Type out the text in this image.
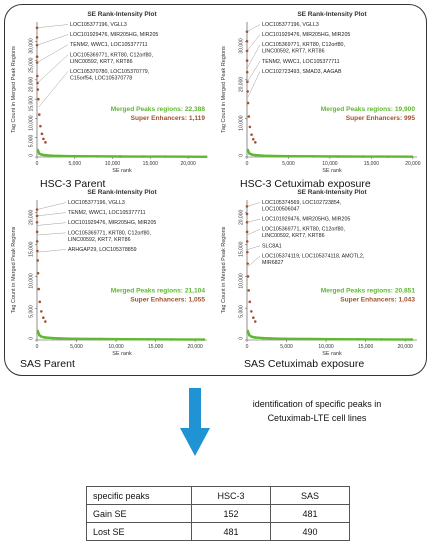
SE Rank-Intensity Plot
0	5,000	10,000	15,000	20,000
0
5,000
10,000
15,000
20,000
25,000
30,000
SE rank
Tag Count in Merged Peak Regions
LOC105377196, VGLL3
LOC101929476, MIR205HG, MIR205
TENM2, WWC1, LOC105377711
LOC105369771, KRT80, C12orf80,
LINC00592, KRT7, KRT86
LOC105370780, LOC105370779,
C15orf54, LOC105370778
Merged Peaks regions: 22,388
Super Enhancers: 1,119
SE Rank-Intensity Plot
0	5,000	10,000	15,000	20,000
0
10,000
20,000
30,000
SE rank
Tag Count in Merged Peak Regions
LOC105377196, VGLL3
LOC101929476, MIR205HG, MIR205
LOC105369771, KRT80, C12orf80,
LINC00592, KRT7, KRT86
TENM2, WWC1, LOC105377711
LOC102723493, SMAD3, AAGAB
Merged Peaks regions: 19,900
Super Enhancers: 995
SE Rank-Intensity Plot
0	5,000	10,000	15,000	20,000
0
5,000
10,000
15,000
20,000
SE rank
Tag Count in Merged Peak Regions
LOC105377196, VGLL3
TENM2, WWC1, LOC105377711
LOC101929476, MIR205HG, MIR205
LOC105369771, KRT80, C12orf80,
LINC00592, KRT7, KRT86
ARHGAP29, LOC105378859
Merged Peaks regions: 21,104
Super Enhancers: 1,055
SE Rank-Intensity Plot
0	5,000	10,000	15,000	20,000
0
5,000
10,000
15,000
20,000
SE rank
Tag Count in Merged Peak Regions
LOC105374569, LOC102723854,
LOC100506047
LOC101929476, MIR205HG, MIR205
LOC105369771, KRT80, C12orf80,
LINC00592, KRT7, KRT86
SLC8A1
LOC105374119, LOC105374118, AMOTL2,
MIR6827
Merged Peaks regions: 20,851
Super Enhancers: 1,043
HSC-3 Parent	HSC-3 Cetuximab exposure
SAS Parent	SAS Cetuximab exposure
identification of specific peaks in Cetuximab-LTE cell lines
specific peaks	HSC-3	SAS
Gain SE	152	481
Lost SE	481	490
